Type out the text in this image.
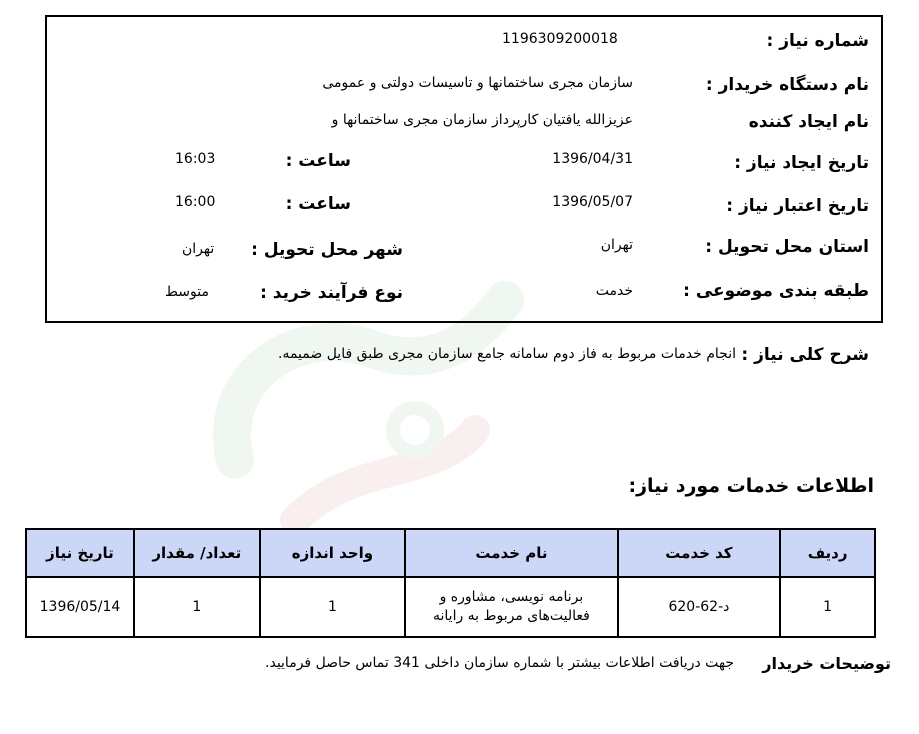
شماره نیاز :
1196309200018
نام دستگاه خریدار :
سازمان مجری ساختمانها و تاسیسات دولتی و عمومی
نام ایجاد کننده
عزیزالله یافتیان کارپرداز سازمان مجری ساختمانها و
تاریخ ایجاد نیاز :
1396/04/31
ساعت :
16:03
تاریخ اعتبار نیاز :
1396/05/07
ساعت :
16:00
استان محل تحویل :
تهران
شهر محل تحویل :
تهران
طبقه بندی موضوعی :
خدمت
نوع فرآیند خرید :
متوسط
شرح کلی نیاز :
انجام خدمات مربوط به فاز دوم سامانه جامع سازمان مجری طبق فایل ضمیمه.
اطلاعات خدمات مورد نیاز:
ردیف	کد خدمت	نام خدمت	واحد اندازه	تعداد/ مقدار	تاریخ نیاز
1	د-62-620	برنامه نویسی، مشاوره و
فعالیت‌های مربوط به رایانه	1	1	1396/05/14
توضیحات خریدار
جهت دریافت اطلاعات بیشتر با شماره سازمان داخلی 341 تماس حاصل فرمایید.
